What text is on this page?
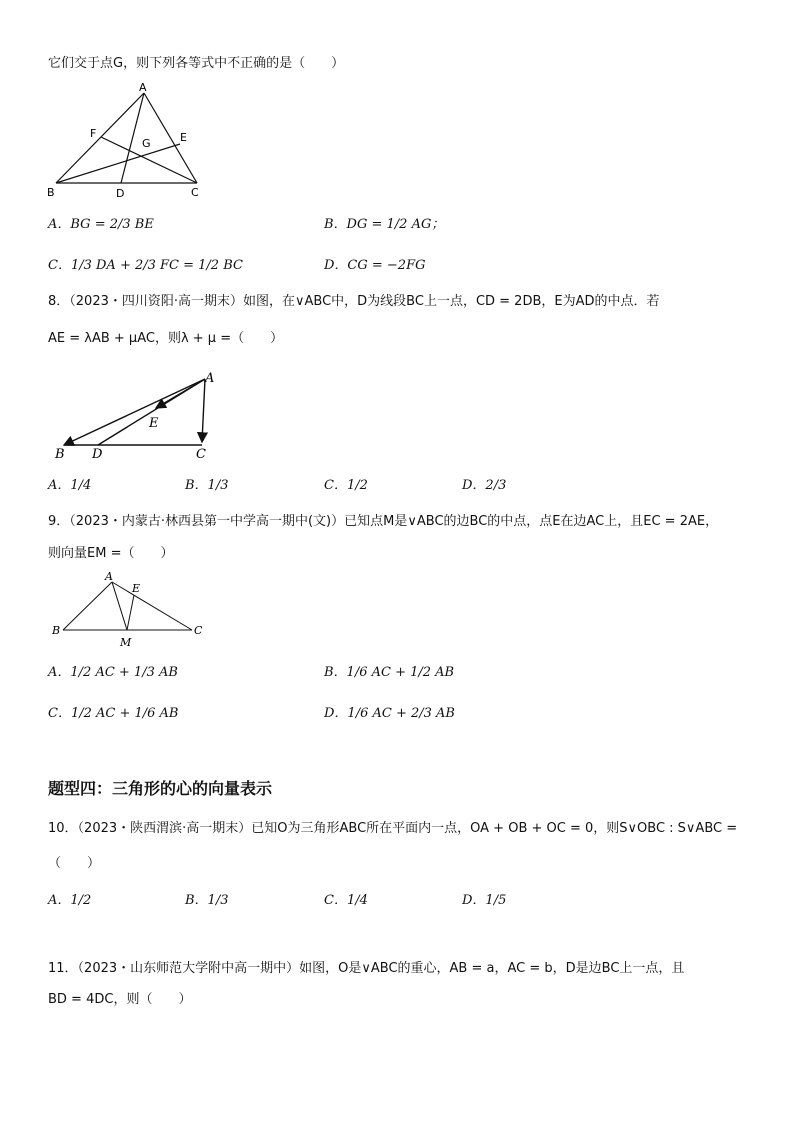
它们交于点G，则下列各等式中不正确的是（　　）
A
F	E
G
B	D	C
A．BG = 2/3 BE	B．DG = 1/2 AG；
C．1/3 DA + 2/3 FC = 1/2 BC	D．CG = −2FG
8．（2023・四川资阳·高一期末）如图，在∨ABC中，D为线段BC上一点，CD = 2DB，E为AD的中点．若
AE = λAB + μAC，则λ + μ =（　　）
A
E
B D	C
A．1/4	B．1/3	C．1/2	D．2/3
9．（2023・内蒙古·林西县第一中学高一期中(文)）已知点M是∨ABC的边BC的中点，点E在边AC上，且EC = 2AE，
则向量EM =（　　）
A
E
B
M
C
A．1/2 AC + 1/3 AB	B．1/6 AC + 1/2 AB
C．1/2 AC + 1/6 AB	D．1/6 AC + 2/3 AB
题型四：三角形的心的向量表示
10．（2023・陕西渭滨·高一期末）已知O为三角形ABC所在平面内一点，OA + OB + OC = 0，则S∨OBC : S∨ABC =
（　　）
A．1/2	B．1/3	C．1/4	D．1/5
11．（2023・山东师范大学附中高一期中）如图，O是∨ABC的重心，AB = a，AC = b，D是边BC上一点，且
BD = 4DC，则（　　）
